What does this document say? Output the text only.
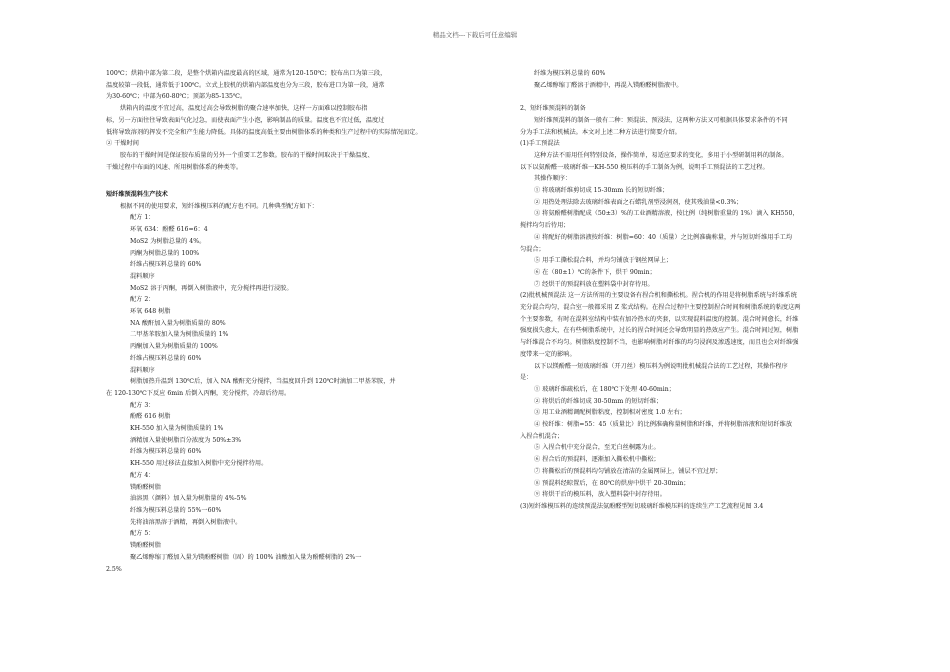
精品文档---下载后可任意编辑

100℃；烘箱中部为第二段，是整个烘箱内温度最高的区域，通常为120-150℃；胶布出口为第三段，

温度较第一段低，通常低于100℃。立式上胶机的烘箱内部温度也分为三段，胶布进口为第一段，通常

为30-60℃；中部为60-80℃；顶部为85-135℃。

烘箱内的温度不宜过高，温度过高会导致树脂的聚合速率加快，这样一方面难以控制胶布指

标，另一方面往往导致表面气化过急，而使表面产生小泡，影响制品的质量。温度也不宜过低，温度过

低将导致溶剂的挥发不完全和产生能力降低。具体的温度高低主要由树脂体系的种类和生产过程中的实际情况而定。

② 干燥时间

胶布的干燥时间是保证胶布质量的另外一个重要工艺参数。胶布的干燥时间取决于干燥温度、

干燥过程中布面的风速、所用树脂体系的种类等。

短纤维预混料生产技术

根据不同的使用要求，短纤维模压料的配方也不同。几种典型配方如下：

配方 1：

环氧 634：酚醛 616=6：4

MoS2 为树脂总量的 4%。

丙酮为树脂总量的 100%

纤维占模压料总量的 60%

混料顺序

MoS2 溶于丙酮，再倒入树脂液中，充分搅拌再进行浸胶。

配方 2：

环氧 648 树脂

NA 酸酐加入量为树脂质量的 80%

二甲基苯胺加入量为树脂质量的 1%

丙酮加入量为树脂质量的 100%

纤维占模压料总量的 60%

混料顺序

树脂加热升温到 130℃后，加入 NA 酸酐充分搅拌，当温度回升到 120℃时滴加二甲基苯胺，并

在 120-130℃下反应 6min 后倒入丙酮，充分搅拌，冷却后待用。

配方 3：

酚醛 616 树脂

KH-550 加入量为树脂质量的 1%

酒精加入量使树脂百分浓度为 50%±3%

纤维为模压料总量的 60%

KH-550 用过移法直接加入树脂中充分搅拌待用。

配方 4：

镁酚醛树脂

油溶黑（颜料）加入量为树脂量的 4%-5%

纤维为模压料总量的 55%一60%

先将油溶黑溶于酒精，再倒入树脂液中。

配方 5：

镁酚醛树脂

聚乙烯醇缩丁醛加入量为镁酚醛树脂（固）的 100% 油酸加入量为酚醛树脂的 2%一

2.5%

纤维为模压料总量的 60%

聚乙烯醇缩丁醛溶于酒精中，再混入镁酚醛树脂液中。

2、短纤维预混料的制备

短纤维预混料的制备一般有二种：预混法、预浸法，这两种方法又可根据具体要求条件的不同

分为手工法和机械法。本文对上述二种方法进行简要介绍。

(1)手工预混法

这种方法不需用任何特别设备，操作简单，易适应要求的变化，多用于小型研制用料的制备。

以下以氨酚醛一玻璃纤维一KH-550 模压料的手工制备为例，说明手工预混法的工艺过程。

其操作顺序：

① 将玻璃纤维剪切成 15-30mm 长的短切纤维；

② 用热处理法除去玻璃纤维表面之石蜡乳剂型浸润剂，使其残油量<0.3%；

③ 将氨酚醛树脂配成（50±3）%的工业酒精溶液，按比例（纯树脂重量的 1%）滴入 KH550，

搅拌均匀后待用；

④ 将配好的树脂溶液按纤维：树脂=60：40（质量）之比例准确称量，并与短切纤维用手工均

匀混合；

⑤ 用手工撕松混合料，并均匀铺放于钢丝网屏上；

⑥ 在（80±1）℃的条件下，烘干 90min；

⑦ 经烘干的预混料放在塑料袋中封存待用。

(2)批机械预混法 这一方法所用的主要设备有捏合机和撕松机。捏合机的作用是将树脂系统与纤维系统

充分混合均匀，混合室一般都采用 Z 桨式结构。在捏合过程中主要控制捏合时间和树脂系统的粘度这两

个主要参数，有时在混料室结构中装有加冷热水的夹套，以实现混料温度的控制。混合时间愈长，纤维

强度损失愈大，在有些树脂系统中，过长的捏合时间还会导致明显的热效应产生。混合时间过短，树脂

与纤维混合不均匀。树脂粘度控制不当，也影响树脂对纤维的均匀浸润及渗透速度，而且也会对纤维强

度带来一定的影响。

以下以镁酚醛一短玻璃纤维（开刀丝）模压料为例说明批机械混合法的工艺过程，其操作程序

是：

① 玻璃纤维疏松后，在 180℃下处理 40-60min；

② 将烘后的纤维切成 30-50mm 的短切纤维；

③ 用工业酒精调配树脂粘度，控制相对密度 1.0 左右；

④ 按纤维：树脂=55：45（质量比）的比例准确称量树脂和纤维，并将树脂溶液和短切纤维放

入捏合机混合；

⑤ 入捏合机中充分混合，至无白丝桐露为止。

⑥ 捏合后的预混料，逐渐加入撕松机中撕松；

⑦ 将撕松后的预混料均匀铺放在清洁的金属网屏上，铺层不宜过厚；

⑧ 预混料经晾置后，在 80℃的烘房中烘干 20-30min；

⑨ 将烘干后的模压料，放入塑料袋中封存待用。

(3)短纤维模压料的连续预混法氨酚醛型短切玻璃纤维模压料的连续生产工艺流程见图 3.4
